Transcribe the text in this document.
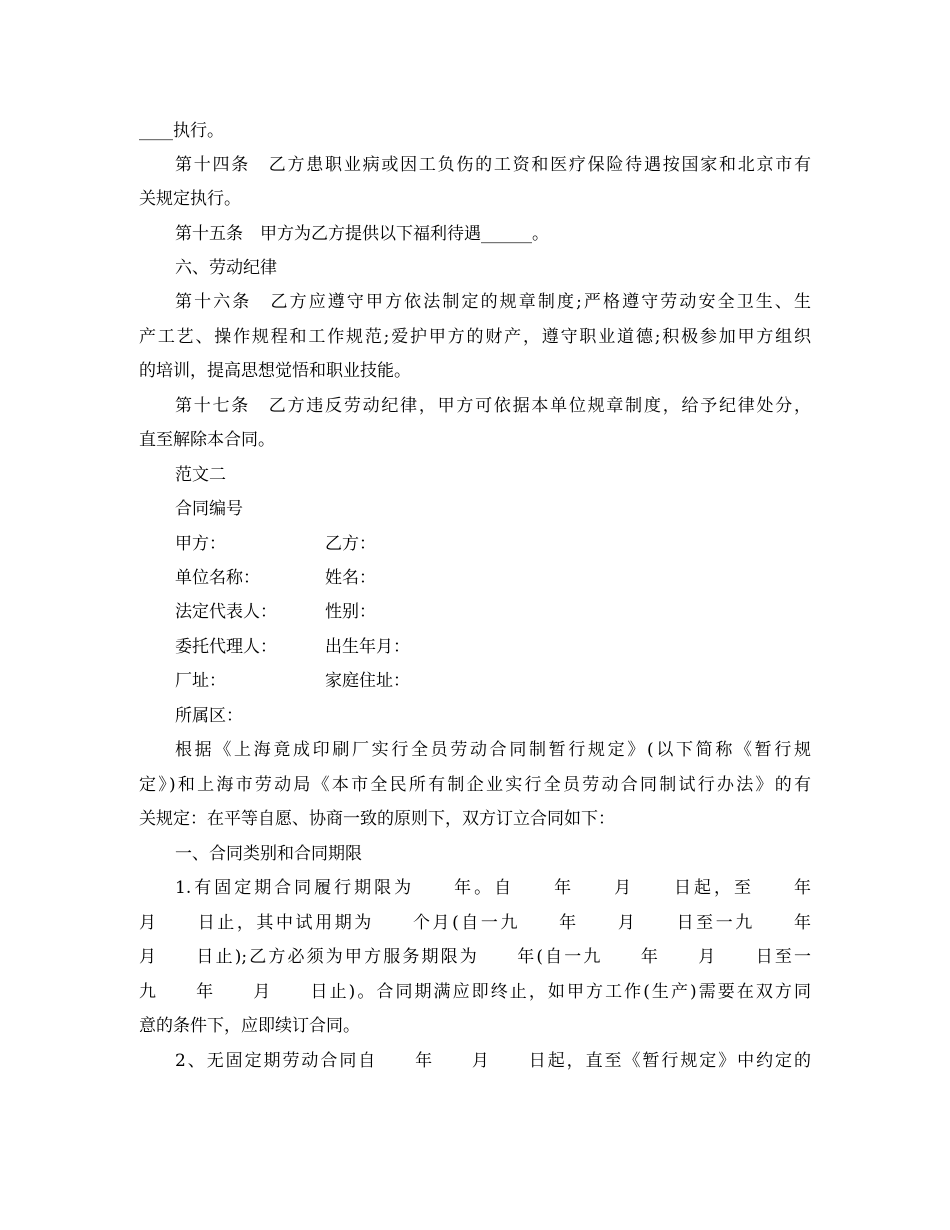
____执行。
第十四条　乙方患职业病或因工负伤的工资和医疗保险待遇按国家和北京市有
关规定执行。
第十五条　甲方为乙方提供以下福利待遇______。
六、劳动纪律
第十六条　乙方应遵守甲方依法制定的规章制度;严格遵守劳动安全卫生、生
产工艺、操作规程和工作规范;爱护甲方的财产，遵守职业道德;积极参加甲方组织
的培训，提高思想觉悟和职业技能。
第十七条　乙方违反劳动纪律，甲方可依据本单位规章制度，给予纪律处分，
直至解除本合同。
范文二
合同编号
甲方：	乙方：
单位名称：	姓名：
法定代表人：	性别：
委托代理人：	出生年月：
厂址：	家庭住址：
所属区：
根据《上海竟成印刷厂实行全员劳动合同制暂行规定》(以下简称《暂行规
定》)和上海市劳动局《本市全民所有制企业实行全员劳动合同制试行办法》的有
关规定：在平等自愿、协商一致的原则下，双方订立合同如下：
一、合同类别和合同期限
1.有固定期合同履行期限为　　年。自　　年　　月　　日起，至　　年
月　　日止，其中试用期为　　个月(自一九　　年　　月　　日至一九　　年
月　　日止);乙方必须为甲方服务期限为　　年(自一九　　年　　月　　日至一
九　　年　　月　　日止)。合同期满应即终止，如甲方工作(生产)需要在双方同
意的条件下，应即续订合同。
2、无固定期劳动合同自　　年　　月　　日起，直至《暂行规定》中约定的
